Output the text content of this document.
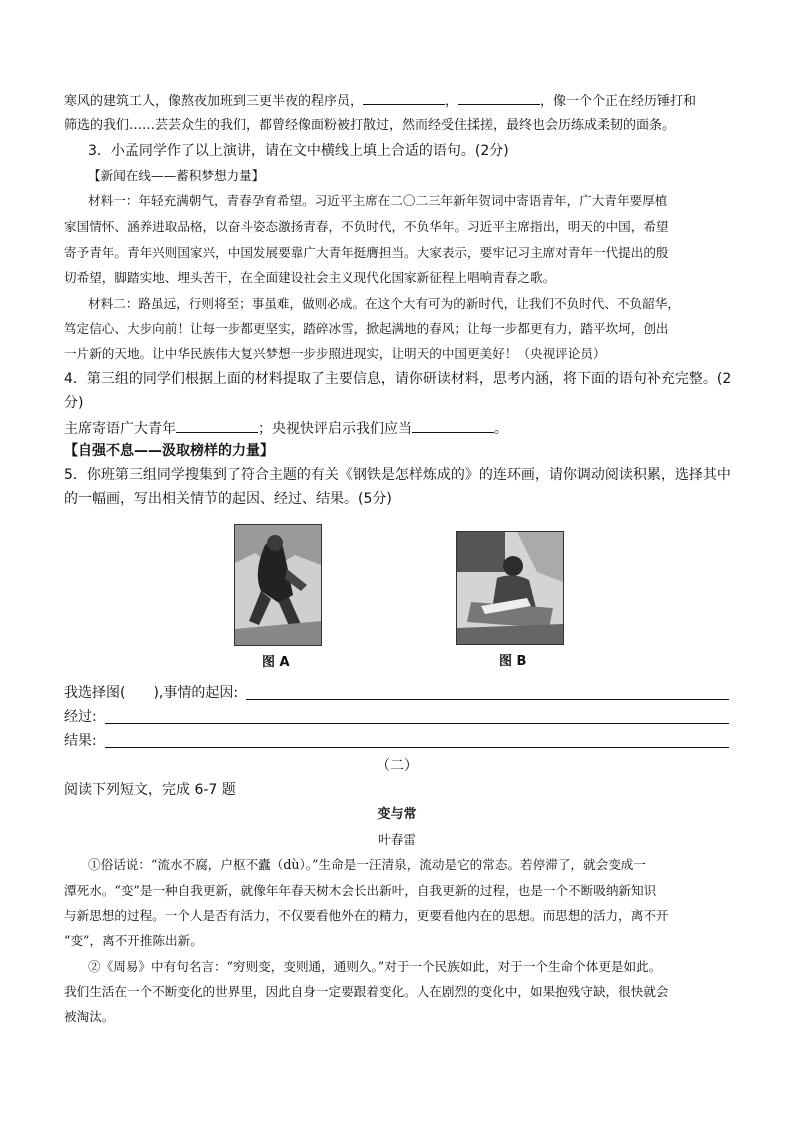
寒风的建筑工人，像熬夜加班到三更半夜的程序员，	，	，像一个个正在经历锤打和
筛选的我们……芸芸众生的我们，都曾经像面粉被打散过，然而经受住揉搓，最终也会历练成柔韧的面条。
3．小孟同学作了以上演讲，请在文中横线上填上合适的语句。(2分)
【新闻在线——蓄积梦想力量】
材料一：年轻充满朝气，青春孕育希望。习近平主席在二〇二三年新年贺词中寄语青年，广大青年要厚植
家国情怀、涵养进取品格，以奋斗姿态激扬青春，不负时代，不负华年。习近平主席指出，明天的中国，希望
寄予青年。青年兴则国家兴，中国发展要靠广大青年挺膺担当。大家表示，要牢记习主席对青年一代提出的殷
切希望，脚踏实地、埋头苦干，在全面建设社会主义现代化国家新征程上唱响青春之歌。
材料二：路虽远，行则将至；事虽难，做则必成。在这个大有可为的新时代，让我们不负时代、不负韶华，
笃定信心、大步向前！让每一步都更坚实，踏碎冰雪，掀起满地的春风；让每一步都更有力，踏平坎坷，创出
一片新的天地。让中华民族伟大复兴梦想一步步照进现实，让明天的中国更美好！（央视评论员）
4．第三组的同学们根据上面的材料提取了主要信息，请你研读材料，思考内涵，将下面的语句补充完整。(2
分)
主席寄语广大青年	；央视快评启示我们应当	。
【自强不息——汲取榜样的力量】
5．你班第三组同学搜集到了符合主题的有关《钢铁是怎样炼成的》的连环画，请你调动阅读积累，选择其中
的一幅画，写出相关情节的起因、经过、结果。(5分)
图 A	图 B
我选择图(　　),事情的起因:
经过:
结果:
（二）
阅读下列短文，完成 6-7 题
变与常
叶春雷
①俗话说：“流水不腐，户枢不蠹（dù）。”生命是一汪清泉，流动是它的常态。若停滞了，就会变成一
潭死水。“变”是一种自我更新，就像年年春天树木会长出新叶，自我更新的过程，也是一个不断吸纳新知识
与新思想的过程。一个人是否有活力，不仅要看他外在的精力，更要看他内在的思想。而思想的活力，离不开
“变”，离不开推陈出新。
②《周易》中有句名言：“穷则变，变则通，通则久。”对于一个民族如此，对于一个生命个体更是如此。
我们生活在一个不断变化的世界里，因此自身一定要跟着变化。人在剧烈的变化中，如果抱残守缺，很快就会
被淘汰。
